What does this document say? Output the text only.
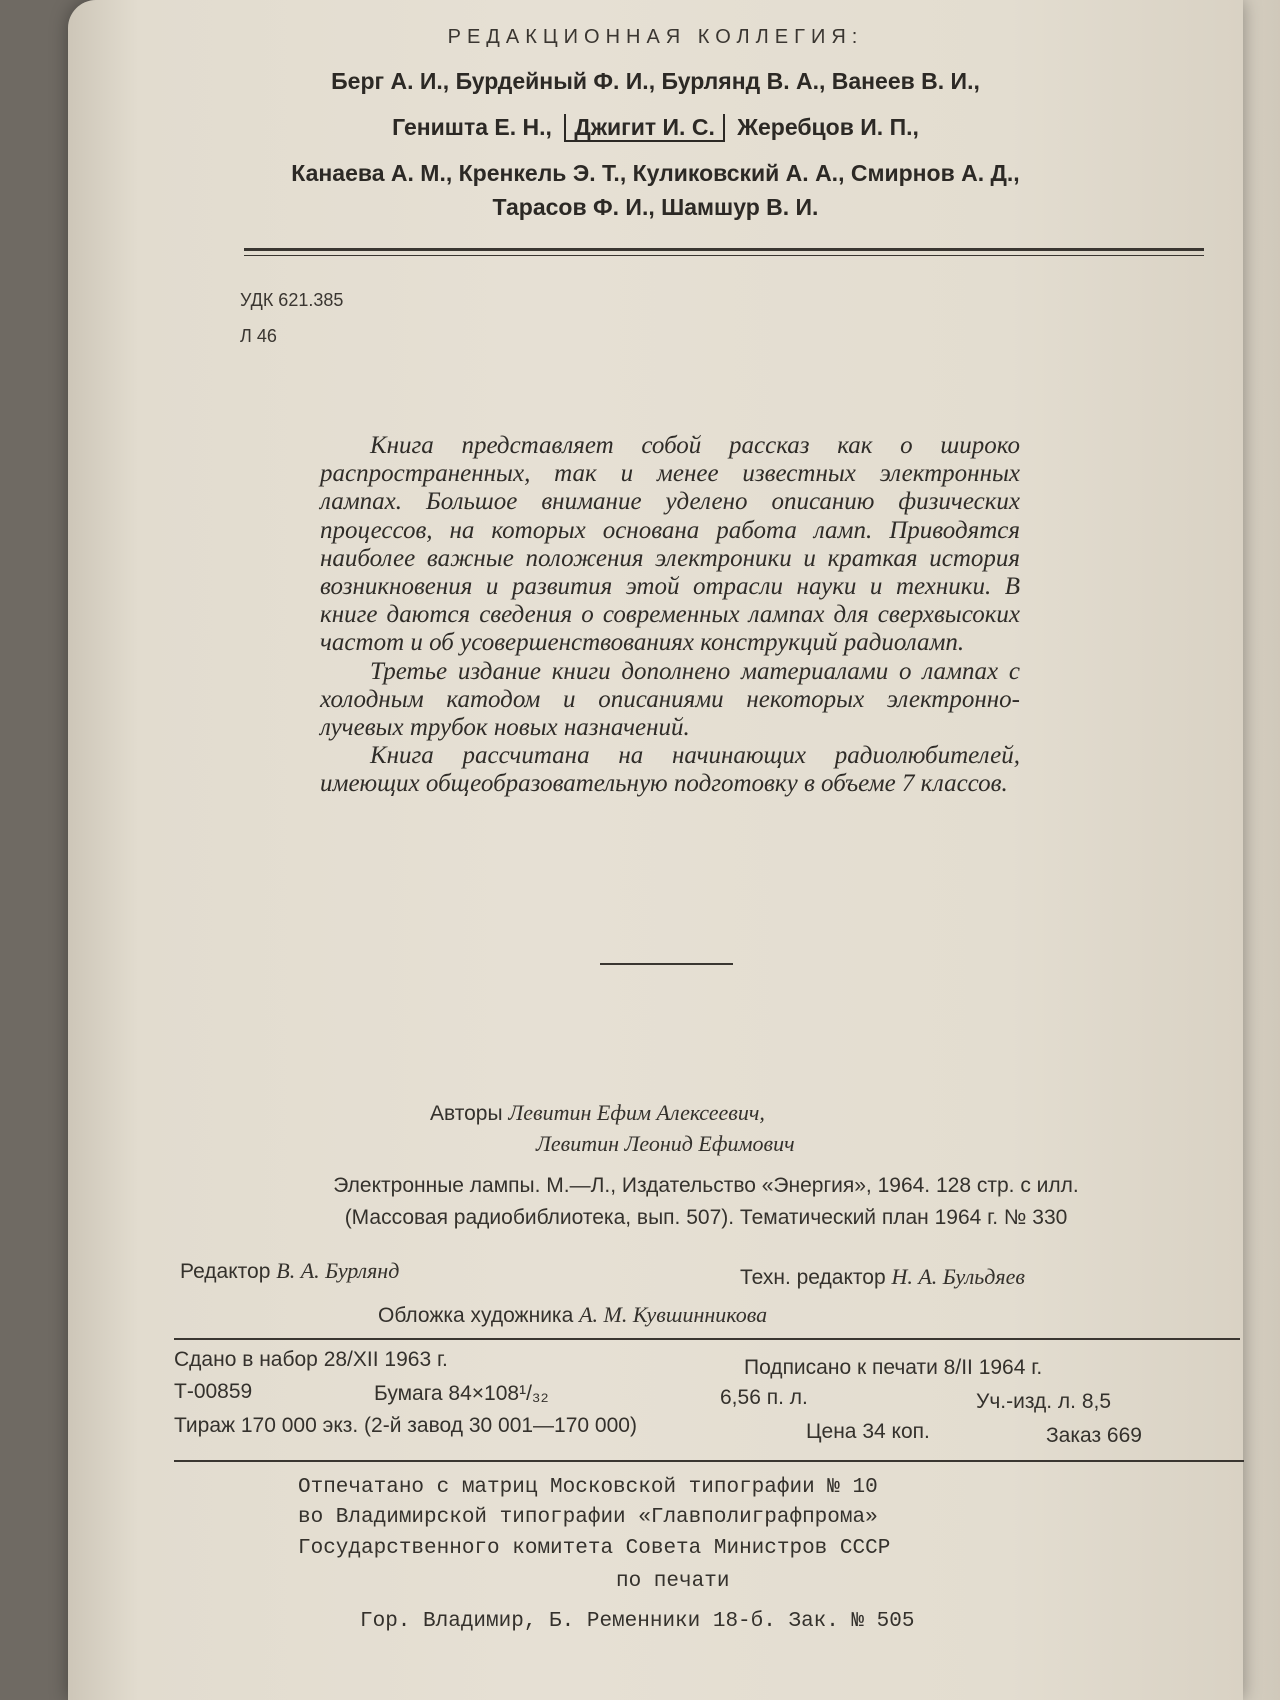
РЕДАКЦИОННАЯ КОЛЛЕГИЯ:
Берг А. И., Бурдейный Ф. И., Бурлянд В. А., Ванеев В. И.,
Геништа Е. Н., Джигит И. С. Жеребцов И. П.,
Канаева А. М., Кренкель Э. Т., Куликовский А. А., Смирнов А. Д.,
Тарасов Ф. И., Шамшур В. И.
УДК 621.385
Л 46

Книга представляет собой рассказ как о широко распространенных, так и менее известных электронных лампах. Большое внимание уделено описанию физических процессов, на которых основана работа ламп. Приводятся наиболее важные положения электроники и краткая история возникновения и развития этой отрасли науки и техники. В книге даются сведения о современных лампах для сверхвысоких частот и об усовершенствованиях конструкций радиоламп.

Третье издание книги дополнено материалами о лампах с холодным катодом и описаниями некоторых электронно-лучевых трубок новых назначений.

Книга рассчитана на начинающих радиолюбителей, имеющих общеобразовательную подготовку в объеме 7 классов.

Авторы Левитин Ефим Алексеевич,
Левитин Леонид Ефимович
Электронные лампы. М.—Л., Издательство «Энергия», 1964. 128 стр. с илл.
(Массовая радиобиблиотека, вып. 507). Тематический план 1964 г. № 330
Редактор В. А. Бурлянд	Техн. редактор Н. А. Бульдяев
Обложка художника А. М. Кувшинникова
Сдано в набор 28/XII 1963 г.	Подписано к печати 8/II 1964 г.
Т-00859	Бумага 84×108¹/₃₂	6,56 п. л.	Уч.-изд. л. 8,5
Тираж 170 000 экз. (2-й завод 30 001—170 000)	Цена 34 коп.	Заказ 669
Отпечатано с матриц Московской типографии № 10
во Владимирской типографии «Главполиграфпрома»
Государственного комитета Совета Министров СССР
по печати
Гор. Владимир, Б. Ременники 18-б. Зак. № 505
